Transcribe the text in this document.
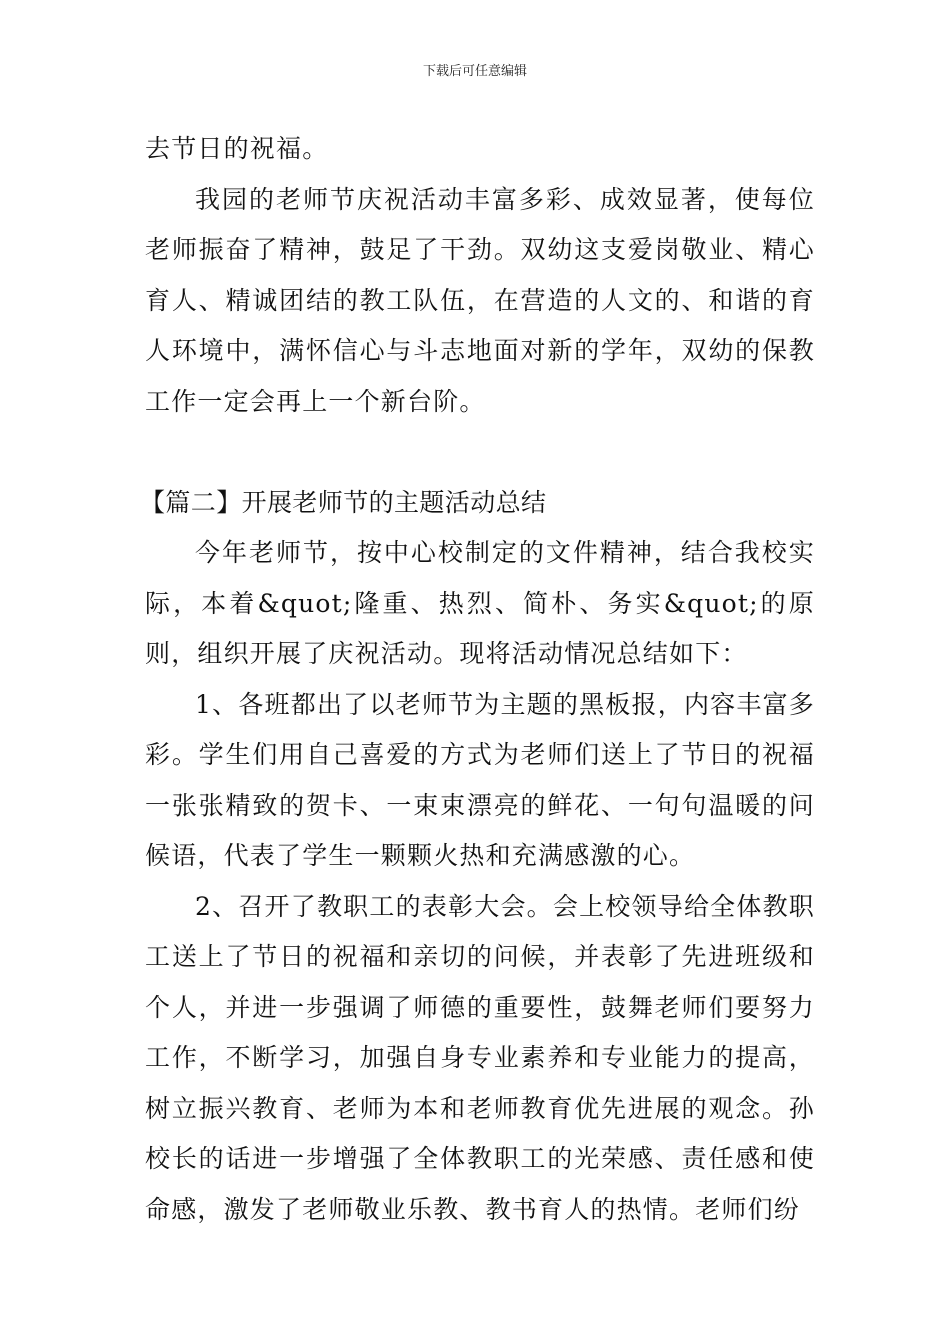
下载后可任意编辑

去节日的祝福。

我园的老师节庆祝活动丰富多彩、成效显著，使每位老师振奋了精神，鼓足了干劲。双幼这支爱岗敬业、精心育人、精诚团结的教工队伍，在营造的人文的、和谐的育人环境中，满怀信心与斗志地面对新的学年，双幼的保教工作一定会再上一个新台阶。

【篇二】开展老师节的主题活动总结

今年老师节，按中心校制定的文件精神，结合我校实际，本着&quot;隆重、热烈、简朴、务实&quot;的原则，组织开展了庆祝活动。现将活动情况总结如下：

1、各班都出了以老师节为主题的黑板报，内容丰富多彩。学生们用自己喜爱的方式为老师们送上了节日的祝福一张张精致的贺卡、一束束漂亮的鲜花、一句句温暖的问候语，代表了学生一颗颗火热和充满感激的心。

2、召开了教职工的表彰大会。会上校领导给全体教职工送上了节日的祝福和亲切的问候，并表彰了先进班级和个人，并进一步强调了师德的重要性，鼓舞老师们要努力工作，不断学习，加强自身专业素养和专业能力的提高，树立振兴教育、老师为本和老师教育优先进展的观念。孙校长的话进一步增强了全体教职工的光荣感、责任感和使命感，激发了老师敬业乐教、教书育人的热情。老师们纷
